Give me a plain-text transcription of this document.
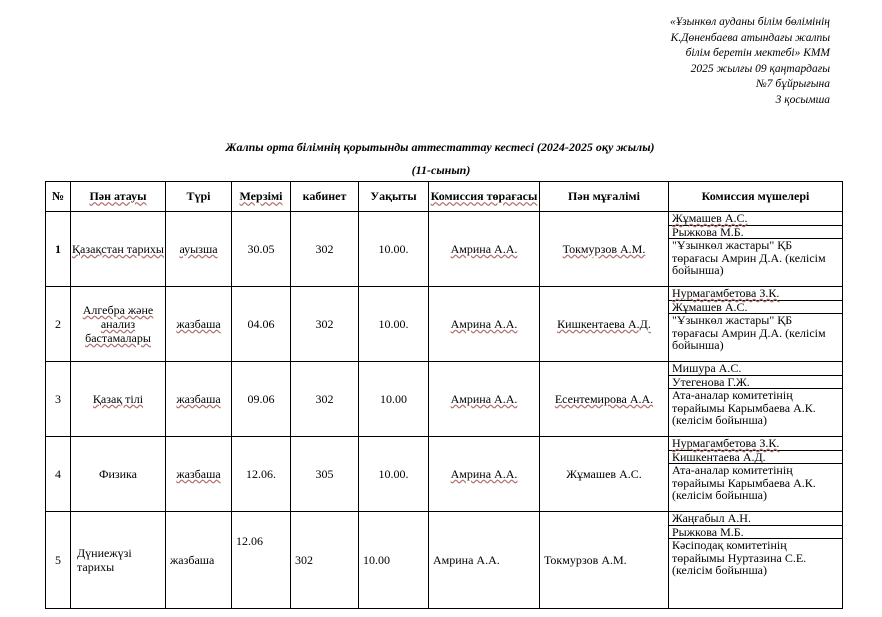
«Ұзынкөл ауданы білім бөлімінің
К.Дөненбаева атындағы жалпы
білім беретін мектебі» КММ
2025 жылғы 09 қаңтардағы
№7 бұйрығына
3 қосымша
Жалпы орта білімнің қорытынды аттестаттау кестесі (2024-2025 оқу жылы)
(11-сынып)
№	Пән атауы	Түрі	Мерзімі	кабинет	Уақыты	Комиссия төрағасы	Пән мұғалімі	Комиссия мүшелері
1	Қазақстан тарихы	ауызша	30.05	302	10.00.	Амрина А.А.	Токмурзов А.М.	Жұмашев А.С.
Рыжкова М.Б.
"Ұзынкөл жастары" ҚБ төрағасы Амрин Д.А. (келісім бойынша)

2	Алгебра және анализ бастамалары	жазбаша	04.06	302	10.00.	Амрина А.А.	Кишкентаева А.Д.	Нурмагамбетова З.К.
Жұмашев А.С.
"Ұзынкөл жастары" ҚБ төрағасы Амрин Д.А. (келісім бойынша)

3	Қазақ тілі	жазбаша	09.06	302	10.00	Амрина А.А.	Есентемирова А.А.	Мишура А.С.
Утегенова Г.Ж.
Ата-аналар комитетінің төрайымы Карымбаева А.К. (келісім бойынша)

4	Физика	жазбаша	12.06.	305	10.00.	Амрина А.А.	Жұмашев А.С.	Нурмагамбетова З.К.
Кишкентаева А.Д.
Ата-аналар комитетінің төрайымы Карымбаева А.К. (келісім бойынша)

5	Дүниежүзі тарихы	жазбаша	12.06	302	10.00	Амрина А.А.	Токмурзов А.М.	Жаңғабыл А.Н.
Рыжкова М.Б.
Кәсіподақ комитетінің төрайымы Нуртазина С.Е. (келісім бойынша)
